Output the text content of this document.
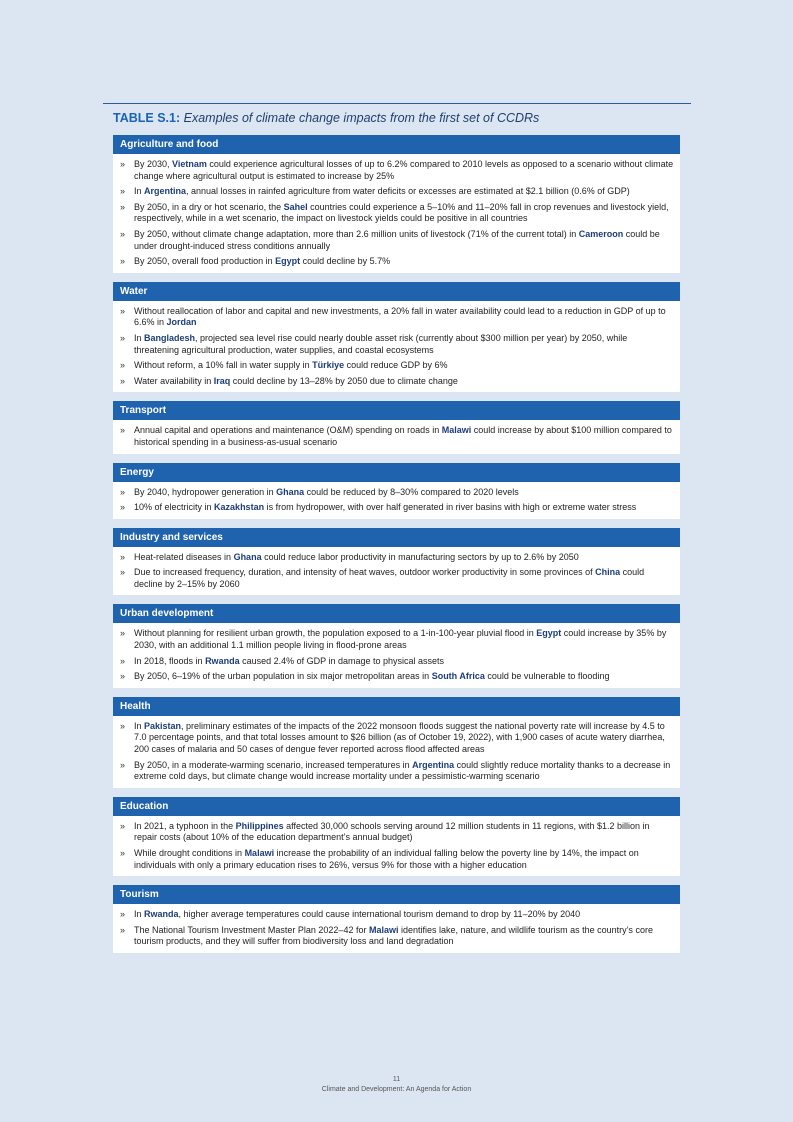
TABLE S.1: Examples of climate change impacts from the first set of CCDRs
Agriculture and food
» By 2030, Vietnam could experience agricultural losses of up to 6.2% compared to 2010 levels as opposed to a scenario without climate change where agricultural output is estimated to increase by 25%
» In Argentina, annual losses in rainfed agriculture from water deficits or excesses are estimated at $2.1 billion (0.6% of GDP)
» By 2050, in a dry or hot scenario, the Sahel countries could experience a 5–10% and 11–20% fall in crop revenues and livestock yield, respectively, while in a wet scenario, the impact on livestock yields could be positive in all countries
» By 2050, without climate change adaptation, more than 2.6 million units of livestock (71% of the current total) in Cameroon could be under drought-induced stress conditions annually
» By 2050, overall food production in Egypt could decline by 5.7%
Water
» Without reallocation of labor and capital and new investments, a 20% fall in water availability could lead to a reduction in GDP of up to 6.6% in Jordan
» In Bangladesh, projected sea level rise could nearly double asset risk (currently about $300 million per year) by 2050, while threatening agricultural production, water supplies, and coastal ecosystems
» Without reform, a 10% fall in water supply in Türkiye could reduce GDP by 6%
» Water availability in Iraq could decline by 13–28% by 2050 due to climate change
Transport
» Annual capital and operations and maintenance (O&M) spending on roads in Malawi could increase by about $100 million compared to historical spending in a business-as-usual scenario
Energy
» By 2040, hydropower generation in Ghana could be reduced by 8–30% compared to 2020 levels
» 10% of electricity in Kazakhstan is from hydropower, with over half generated in river basins with high or extreme water stress
Industry and services
» Heat-related diseases in Ghana could reduce labor productivity in manufacturing sectors by up to 2.6% by 2050
» Due to increased frequency, duration, and intensity of heat waves, outdoor worker productivity in some provinces of China could decline by 2–15% by 2060
Urban development
» Without planning for resilient urban growth, the population exposed to a 1-in-100-year pluvial flood in Egypt could increase by 35% by 2030, with an additional 1.1 million people living in flood-prone areas
» In 2018, floods in Rwanda caused 2.4% of GDP in damage to physical assets
» By 2050, 6–19% of the urban population in six major metropolitan areas in South Africa could be vulnerable to flooding
Health
» In Pakistan, preliminary estimates of the impacts of the 2022 monsoon floods suggest the national poverty rate will increase by 4.5 to 7.0 percentage points, and that total losses amount to $26 billion (as of October 19, 2022), with 1,900 cases of acute watery diarrhea, 200 cases of malaria and 50 cases of dengue fever reported across flood affected areas
» By 2050, in a moderate-warming scenario, increased temperatures in Argentina could slightly reduce mortality thanks to a decrease in extreme cold days, but climate change would increase mortality under a pessimistic-warming scenario
Education
» In 2021, a typhoon in the Philippines affected 30,000 schools serving around 12 million students in 11 regions, with $1.2 billion in repair costs (about 10% of the education department’s annual budget)
» While drought conditions in Malawi increase the probability of an individual falling below the poverty line by 14%, the impact on individuals with only a primary education rises to 26%, versus 9% for those with a higher education
Tourism
» In Rwanda, higher average temperatures could cause international tourism demand to drop by 11–20% by 2040
» The National Tourism Investment Master Plan 2022–42 for Malawi identifies lake, nature, and wildlife tourism as the country’s core tourism products, and they will suffer from biodiversity loss and land degradation
11
Climate and Development: An Agenda for Action
